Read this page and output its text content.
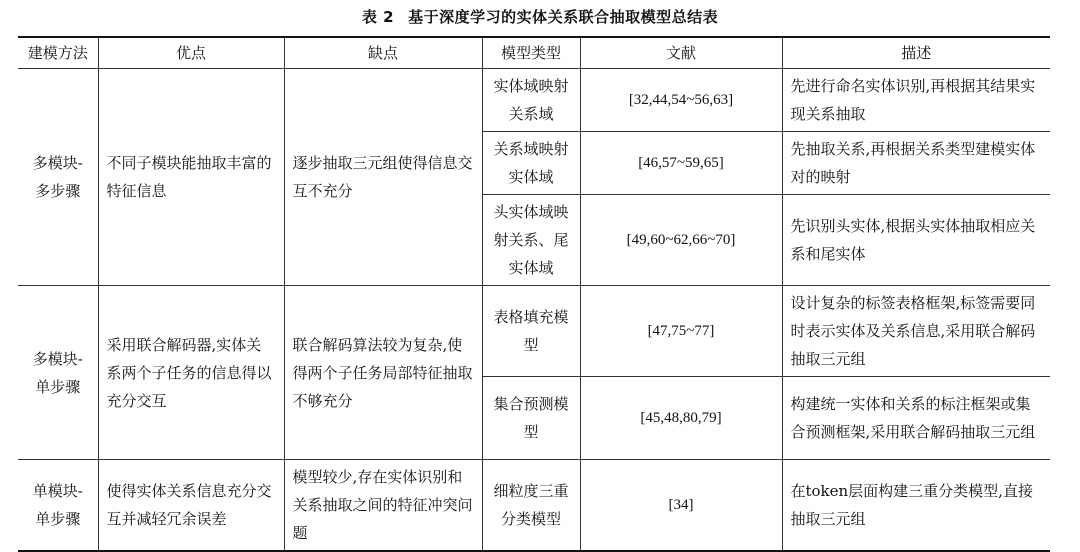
表 2 基于深度学习的实体关系联合抽取模型总结表
建模方法	优点	缺点	模型类型	文献	描述
多模块-多步骤	不同子模块能抽取丰富的特征信息	逐步抽取三元组使得信息交互不充分	实体域映射关系域	[32,44,54~56,63]	先进行命名实体识别,再根据其结果实现关系抽取
			关系域映射实体域	[46,57~59,65]	先抽取关系,再根据关系类型建模实体对的映射
			头实体域映射关系、尾实体域	[49,60~62,66~70]	先识别头实体,根据头实体抽取相应关系和尾实体
多模块-单步骤	采用联合解码器,实体关系两个子任务的信息得以充分交互	联合解码算法较为复杂,使得两个子任务局部特征抽取不够充分	表格填充模型	[47,75~77]	设计复杂的标签表格框架,标签需要同时表示实体及关系信息,采用联合解码抽取三元组
			集合预测模型	[45,48,80,79]	构建统一实体和关系的标注框架或集合预测框架,采用联合解码抽取三元组
单模块-单步骤	使得实体关系信息充分交互并减轻冗余误差	模型较少,存在实体识别和关系抽取之间的特征冲突问题	细粒度三重分类模型	[34]	在token层面构建三重分类模型,直接抽取三元组
